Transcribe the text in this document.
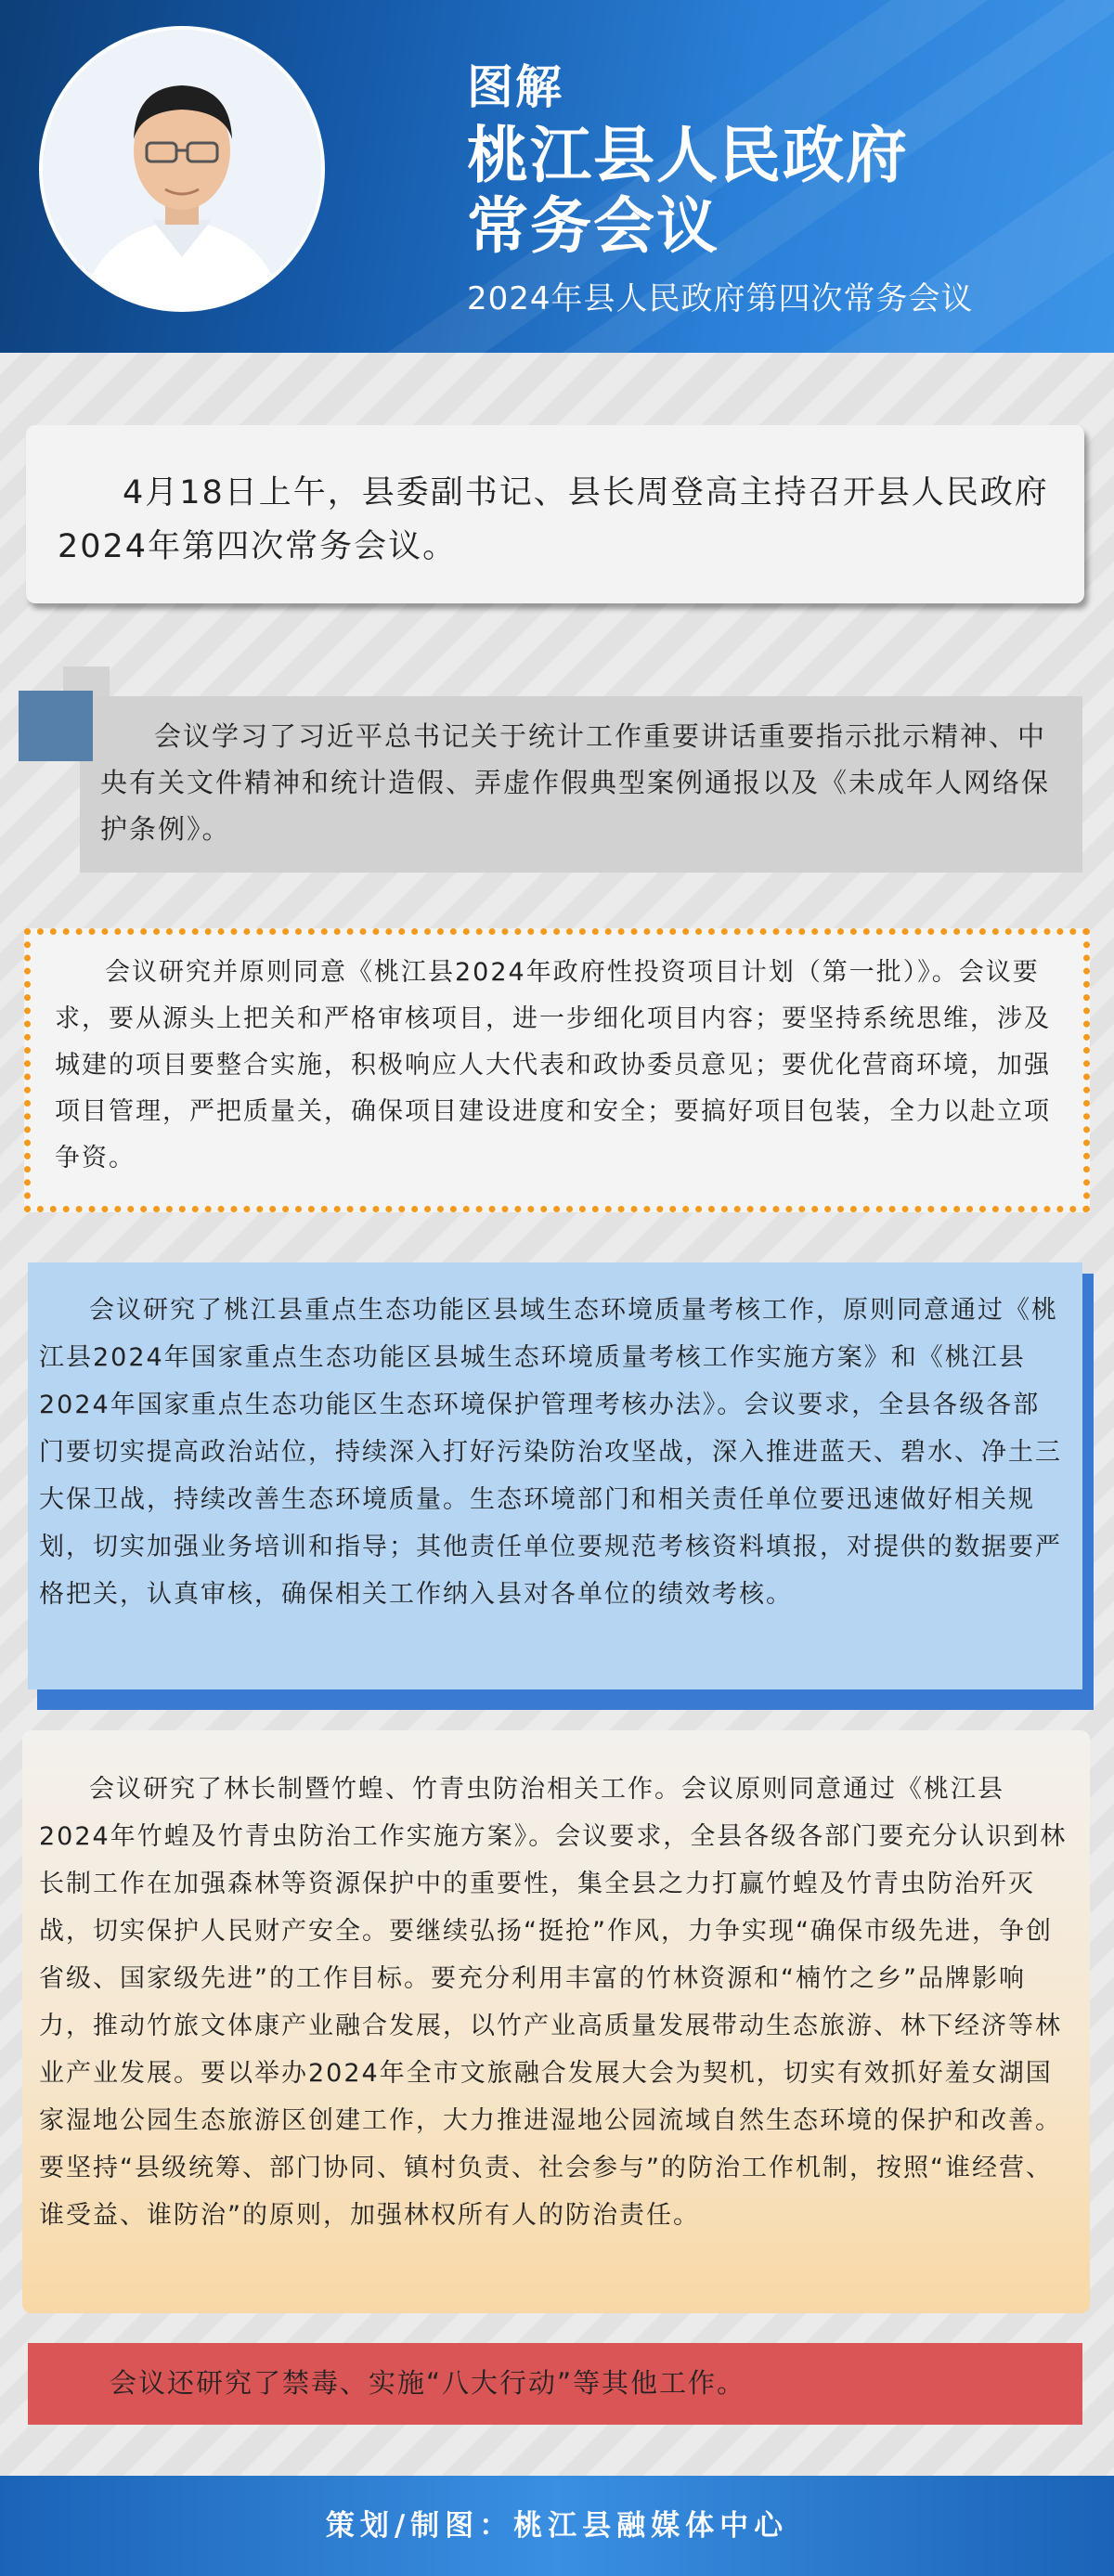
图解
桃江县人民政府
常务会议
2024年县人民政府第四次常务会议
4月18日上午，县委副书记、县长周登高主持召开县人民政府2024年第四次常务会议。
会议学习了习近平总书记关于统计工作重要讲话重要指示批示精神、中央有关文件精神和统计造假、弄虚作假典型案例通报以及《未成年人网络保护条例》。
会议研究并原则同意《桃江县2024年政府性投资项目计划（第一批）》。会议要求，要从源头上把关和严格审核项目，进一步细化项目内容；要坚持系统思维，涉及城建的项目要整合实施，积极响应人大代表和政协委员意见；要优化营商环境，加强项目管理，严把质量关，确保项目建设进度和安全；要搞好项目包装，全力以赴立项争资。
会议研究了桃江县重点生态功能区县域生态环境质量考核工作，原则同意通过《桃江县2024年国家重点生态功能区县城生态环境质量考核工作实施方案》和《桃江县2024年国家重点生态功能区生态环境保护管理考核办法》。会议要求，全县各级各部门要切实提高政治站位，持续深入打好污染防治攻坚战，深入推进蓝天、碧水、净土三大保卫战，持续改善生态环境质量。生态环境部门和相关责任单位要迅速做好相关规划，切实加强业务培训和指导；其他责任单位要规范考核资料填报，对提供的数据要严格把关，认真审核，确保相关工作纳入县对各单位的绩效考核。
会议研究了林长制暨竹蝗、竹青虫防治相关工作。会议原则同意通过《桃江县2024年竹蝗及竹青虫防治工作实施方案》。会议要求，全县各级各部门要充分认识到林长制工作在加强森林等资源保护中的重要性，集全县之力打赢竹蝗及竹青虫防治歼灭战，切实保护人民财产安全。要继续弘扬“挺抢”作风，力争实现“确保市级先进，争创省级、国家级先进”的工作目标。要充分利用丰富的竹林资源和“楠竹之乡”品牌影响力，推动竹旅文体康产业融合发展，以竹产业高质量发展带动生态旅游、林下经济等林业产业发展。要以举办2024年全市文旅融合发展大会为契机，切实有效抓好羞女湖国家湿地公园生态旅游区创建工作，大力推进湿地公园流域自然生态环境的保护和改善。要坚持“县级统筹、部门协同、镇村负责、社会参与”的防治工作机制，按照“谁经营、谁受益、谁防治”的原则，加强林权所有人的防治责任。
会议还研究了禁毒、实施“八大行动”等其他工作。
策划/制图：桃江县融媒体中心
